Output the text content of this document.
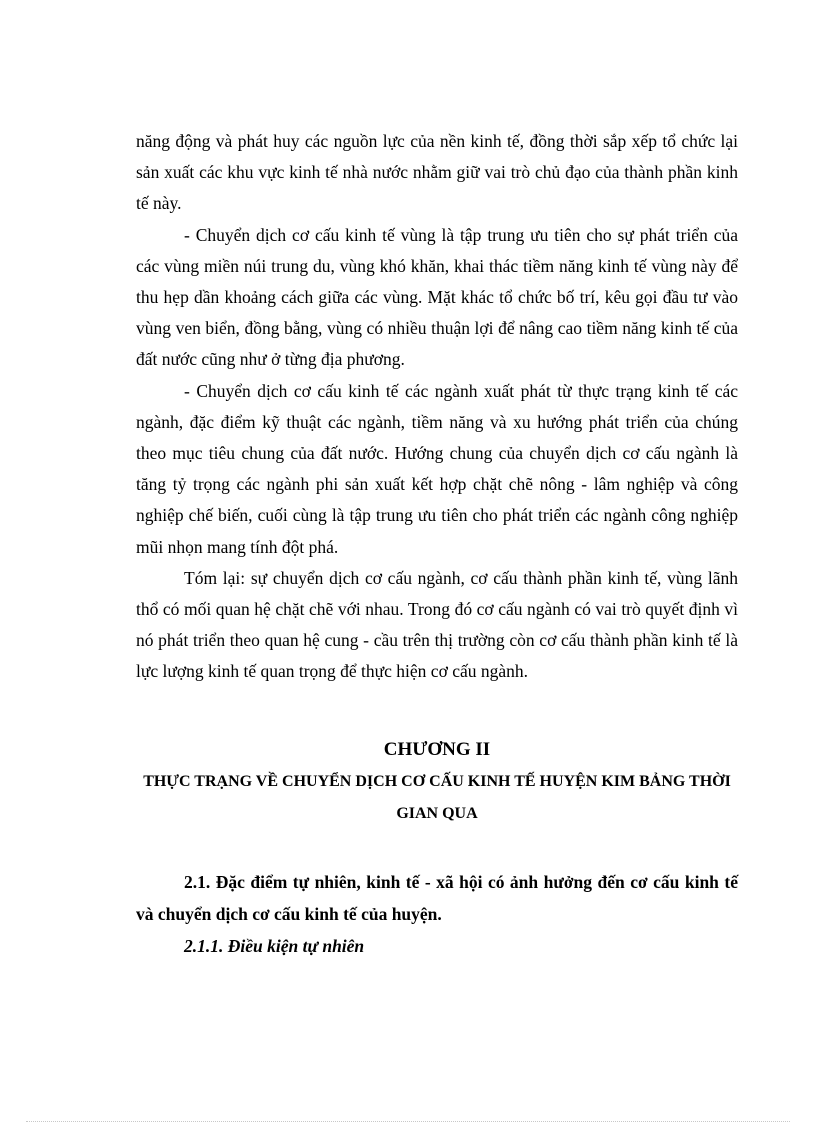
năng động và phát huy các nguồn lực của nền kinh tế, đồng thời sắp xếp tổ chức lại sản xuất các khu vực kinh tế nhà nước nhằm giữ vai trò chủ đạo của thành phần kinh tế này.

- Chuyển dịch cơ cấu kinh tế vùng là tập trung ưu tiên cho sự phát triển của các vùng miền núi trung du, vùng khó khăn, khai thác tiềm năng kinh tế vùng này để thu hẹp dần khoảng cách giữa các vùng. Mặt khác tổ chức bố trí, kêu gọi đầu tư vào vùng ven biển, đồng bằng, vùng có nhiều thuận lợi để nâng cao tiềm năng kinh tế của đất nước cũng như ở từng địa phương.

- Chuyển dịch cơ cấu kinh tế các ngành xuất phát từ thực trạng kinh tế các ngành, đặc điểm kỹ thuật các ngành, tiềm năng và xu hướng phát triển của chúng theo mục tiêu chung của đất nước. Hướng chung của chuyển dịch cơ cấu ngành là tăng tỷ trọng các ngành phi sản xuất kết hợp chặt chẽ nông - lâm nghiệp và công nghiệp chế biến, cuối cùng là tập trung ưu tiên cho phát triển các ngành công nghiệp mũi nhọn mang tính đột phá.

Tóm lại: sự chuyển dịch cơ cấu ngành, cơ cấu thành phần kinh tế, vùng lãnh thổ có mối quan hệ chặt chẽ với nhau. Trong đó cơ cấu ngành có vai trò quyết định vì nó phát triển theo quan hệ cung - cầu trên thị trường còn cơ cấu thành phần kinh tế là lực lượng kinh tế quan trọng để thực hiện cơ cấu ngành.

CHƯƠNG II

THỰC TRẠNG VỀ CHUYỂN DỊCH CƠ CẤU KINH TẾ HUYỆN KIM BẢNG THỜI GIAN QUA

2.1. Đặc điểm tự nhiên, kinh tế - xã hội có ảnh hưởng đến cơ cấu kinh tế và chuyển dịch cơ cấu kinh tế của huyện.

2.1.1. Điều kiện tự nhiên
